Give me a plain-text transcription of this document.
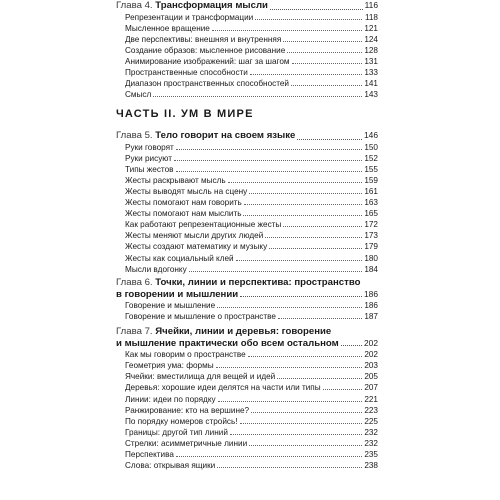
Глава 4. Трансформация мысли	116
Репрезентации и трансформации	118
Мысленное вращение	121
Две перспективы: внешняя и внутренняя	124
Создание образов: мысленное рисование	128
Анимирование изображений: шаг за шагом	131
Пространственные способности	133
Диапазон пространственных способностей	141
Смысл	143
ЧАСТЬ II. УМ В МИРЕ
Глава 5. Тело говорит на своем языке	146
Руки говорят	150
Руки рисуют	152
Типы жестов	155
Жесты раскрывают мысль	159
Жесты выводят мысль на сцену	161
Жесты помогают нам говорить	163
Жесты помогают нам мыслить	165
Как работают репрезентационные жесты	172
Жесты меняют мысли других людей	173
Жесты создают математику и музыку	179
Жесты как социальный клей	180
Мысли вдогонку	184
Глава 6. Точки, линии и перспектива: пространство
в говорении и мышлении	186
Говорение и мышление	186
Говорение и мышление о пространстве	187
Глава 7. Ячейки, линии и деревья: говорение
и мышление практически обо всем остальном	202
Как мы говорим о пространстве	202
Геометрия ума: формы	203
Ячейки: вместилища для вещей и идей	205
Деревья: хорошие идеи делятся на части или типы	207
Линии: идеи по порядку	221
Ранжирование: кто на вершине?	223
По порядку номеров стройсь!	225
Границы: другой тип линий	232
Стрелки: асимметричные линии	232
Перспектива	235
Слова: открывая ящики	238
